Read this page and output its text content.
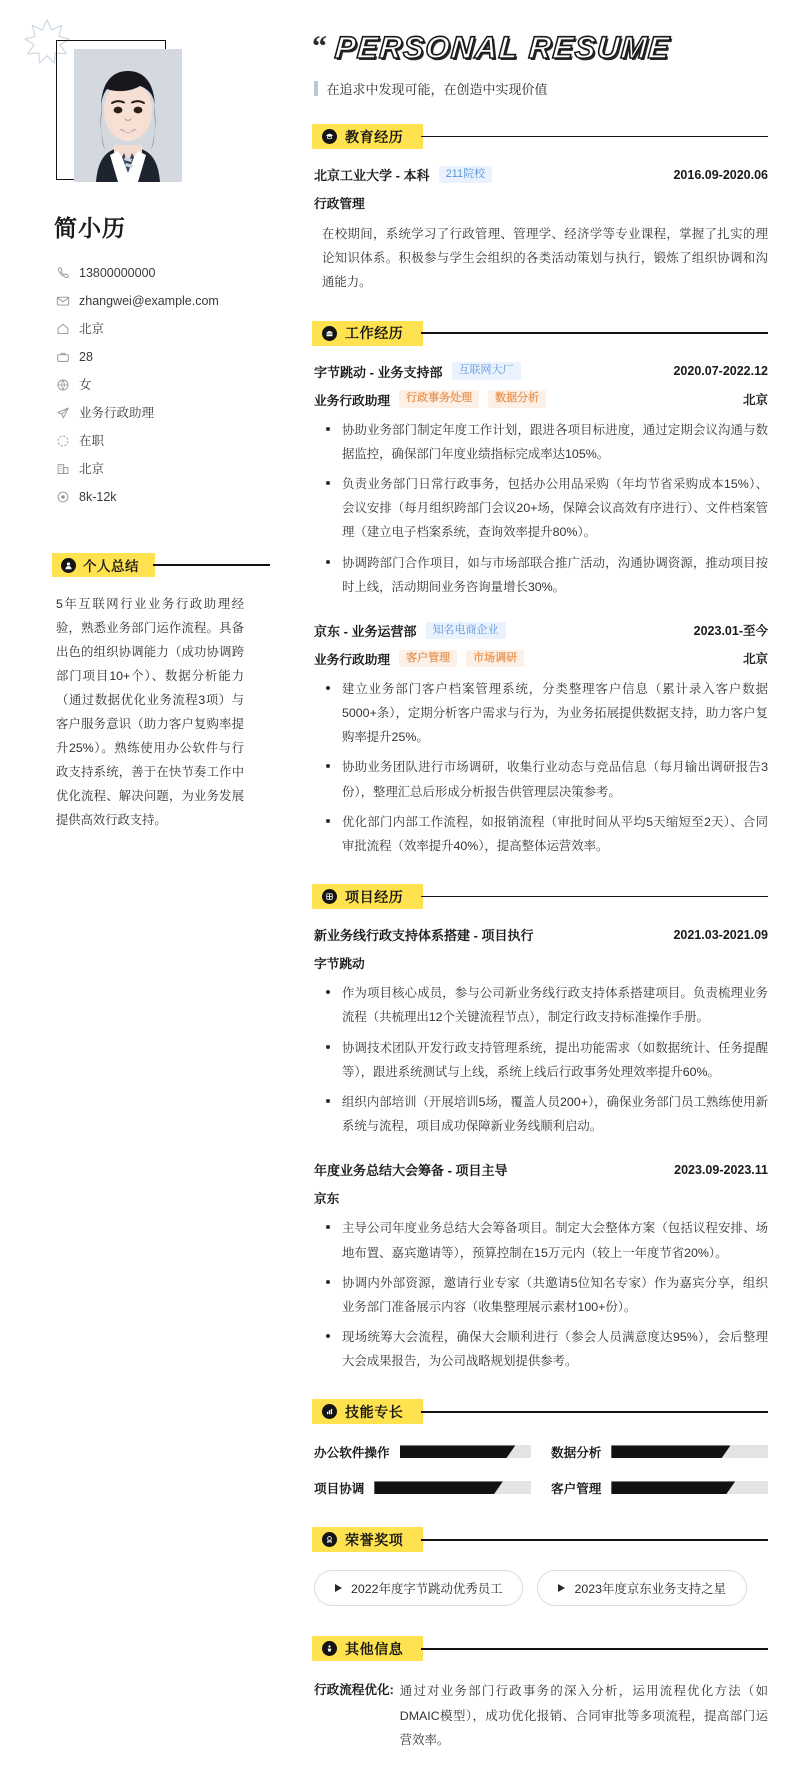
简小历
13800000000
zhangwei@example.com
北京
28
女
业务行政助理
在职
北京
8k-12k
个人总结

5年互联网行业业务行政助理经验，熟悉业务部门运作流程。具备出色的组织协调能力（成功协调跨部门项目10+个）、数据分析能力（通过数据优化业务流程3项）与客户服务意识（助力客户复购率提升25%）。熟练使用办公软件与行政支持系统，善于在快节奏工作中优化流程、解决问题，为业务发展提供高效行政支持。

“ PERSONAL RESUME
在追求中发现可能，在创造中实现价值
教育经历
北京工业大学 - 本科	211院校	2016.09-2020.06
行政管理

在校期间，系统学习了行政管理、管理学、经济学等专业课程，掌握了扎实的理论知识体系。积极参与学生会组织的各类活动策划与执行，锻炼了组织协调和沟通能力。

工作经历
字节跳动 - 业务支持部	互联网大厂	2020.07-2022.12
业务行政助理	行政事务处理	数据分析	北京
协助业务部门制定年度工作计划，跟进各项目标进度，通过定期会议沟通与数据监控，确保部门年度业绩指标完成率达105%。
负责业务部门日常行政事务，包括办公用品采购（年均节省采购成本15%）、会议安排（每月组织跨部门会议20+场，保障会议高效有序进行）、文件档案管理（建立电子档案系统，查询效率提升80%）。
协调跨部门合作项目，如与市场部联合推广活动，沟通协调资源，推动项目按时上线，活动期间业务咨询量增长30%。
京东 - 业务运营部	知名电商企业	2023.01-至今
业务行政助理	客户管理	市场调研	北京
建立业务部门客户档案管理系统，分类整理客户信息（累计录入客户数据5000+条），定期分析客户需求与行为，为业务拓展提供数据支持，助力客户复购率提升25%。
协助业务团队进行市场调研，收集行业动态与竞品信息（每月输出调研报告3份），整理汇总后形成分析报告供管理层决策参考。
优化部门内部工作流程，如报销流程（审批时间从平均5天缩短至2天）、合同审批流程（效率提升40%），提高整体运营效率。
项目经历
新业务线行政支持体系搭建 - 项目执行	2021.03-2021.09
字节跳动
作为项目核心成员，参与公司新业务线行政支持体系搭建项目。负责梳理业务流程（共梳理出12个关键流程节点），制定行政支持标准操作手册。
协调技术团队开发行政支持管理系统，提出功能需求（如数据统计、任务提醒等），跟进系统测试与上线，系统上线后行政事务处理效率提升60%。
组织内部培训（开展培训5场，覆盖人员200+），确保业务部门员工熟练使用新系统与流程，项目成功保障新业务线顺利启动。
年度业务总结大会筹备 - 项目主导	2023.09-2023.11
京东
主导公司年度业务总结大会筹备项目。制定大会整体方案（包括议程安排、场地布置、嘉宾邀请等），预算控制在15万元内（较上一年度节省20%）。
协调内外部资源，邀请行业专家（共邀请5位知名专家）作为嘉宾分享，组织业务部门准备展示内容（收集整理展示素材100+份）。
现场统筹大会流程，确保大会顺利进行（参会人员满意度达95%），会后整理大会成果报告，为公司战略规划提供参考。
技能专长
办公软件操作	数据分析
项目协调	客户管理
荣誉奖项
2022年度字节跳动优秀员工	2023年度京东业务支持之星
其他信息
行政流程优化: 通过对业务部门行政事务的深入分析，运用流程优化方法（如DMAIC模型），成功优化报销、合同审批等多项流程，提高部门运营效率。
